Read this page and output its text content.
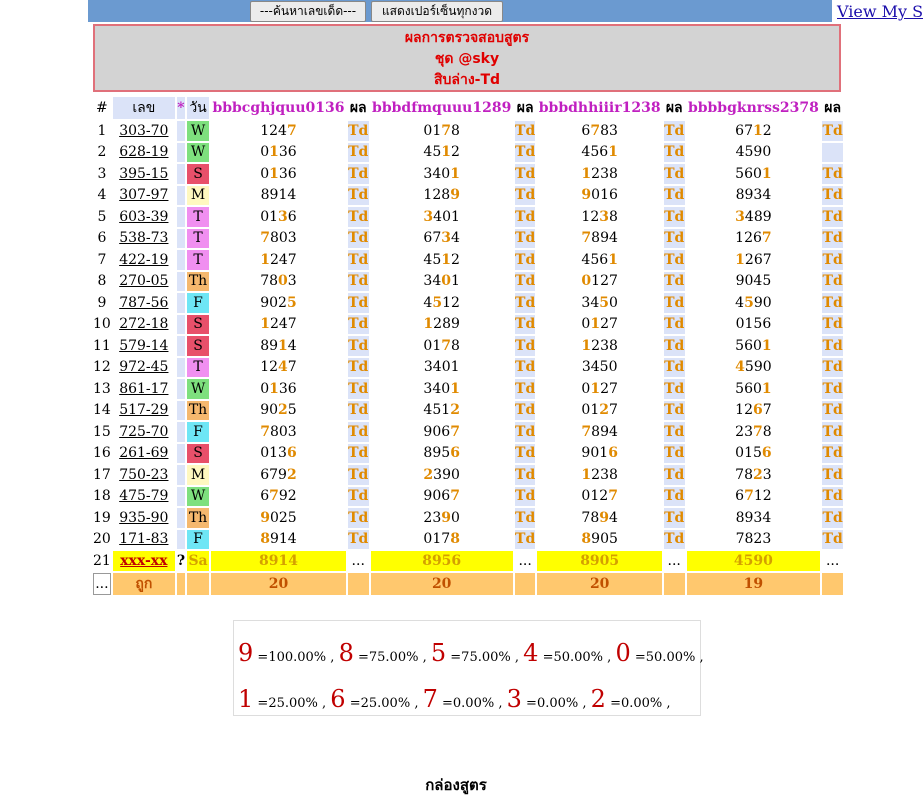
---ค้นหาเลขเด็ด---	แสดงเปอร์เซ็นทุกงวด	View My S
ผลการตรวจสอบสูตร
ชุด @sky
สิบล่าง-Td
#	เลข	*	วัน	bbbcghjquu0136	ผล	bbbdfmquuu1289	ผล	bbbdhhiiir1238	ผล	bbbbgknrss2378	ผล
1	303-70		W	1247	Td	0178	Td	6783	Td	6712	Td
2	628-19		W	0136	Td	4512	Td	4561	Td	4590	
3	395-15		S	0136	Td	3401	Td	1238	Td	5601	Td
4	307-97		M	8914	Td	1289	Td	9016	Td	8934	Td
5	603-39		T	0136	Td	3401	Td	1238	Td	3489	Td
6	538-73		T	7803	Td	6734	Td	7894	Td	1267	Td
7	422-19		T	1247	Td	4512	Td	4561	Td	1267	Td
8	270-05		Th	7803	Td	3401	Td	0127	Td	9045	Td
9	787-56		F	9025	Td	4512	Td	3450	Td	4590	Td
10	272-18		S	1247	Td	1289	Td	0127	Td	0156	Td
11	579-14		S	8914	Td	0178	Td	1238	Td	5601	Td
12	972-45		T	1247	Td	3401	Td	3450	Td	4590	Td
13	861-17		W	0136	Td	3401	Td	0127	Td	5601	Td
14	517-29		Th	9025	Td	4512	Td	0127	Td	1267	Td
15	725-70		F	7803	Td	9067	Td	7894	Td	2378	Td
16	261-69		S	0136	Td	8956	Td	9016	Td	0156	Td
17	750-23		M	6792	Td	2390	Td	1238	Td	7823	Td
18	475-79		W	6792	Td	9067	Td	0127	Td	6712	Td
19	935-90		Th	9025	Td	2390	Td	7894	Td	8934	Td
20	171-83		F	8914	Td	0178	Td	8905	Td	7823	Td
21	xxx-xx	?	Sa	8914	...	8956	...	8905	...	4590	...
...	ถูก			20		20		20		19	
9 =100.00% , 8 =75.00% , 5 =75.00% , 4 =50.00% , 0 =50.00% ,
1 =25.00% , 6 =25.00% , 7 =0.00% , 3 =0.00% , 2 =0.00% ,
กล่องสูตร
